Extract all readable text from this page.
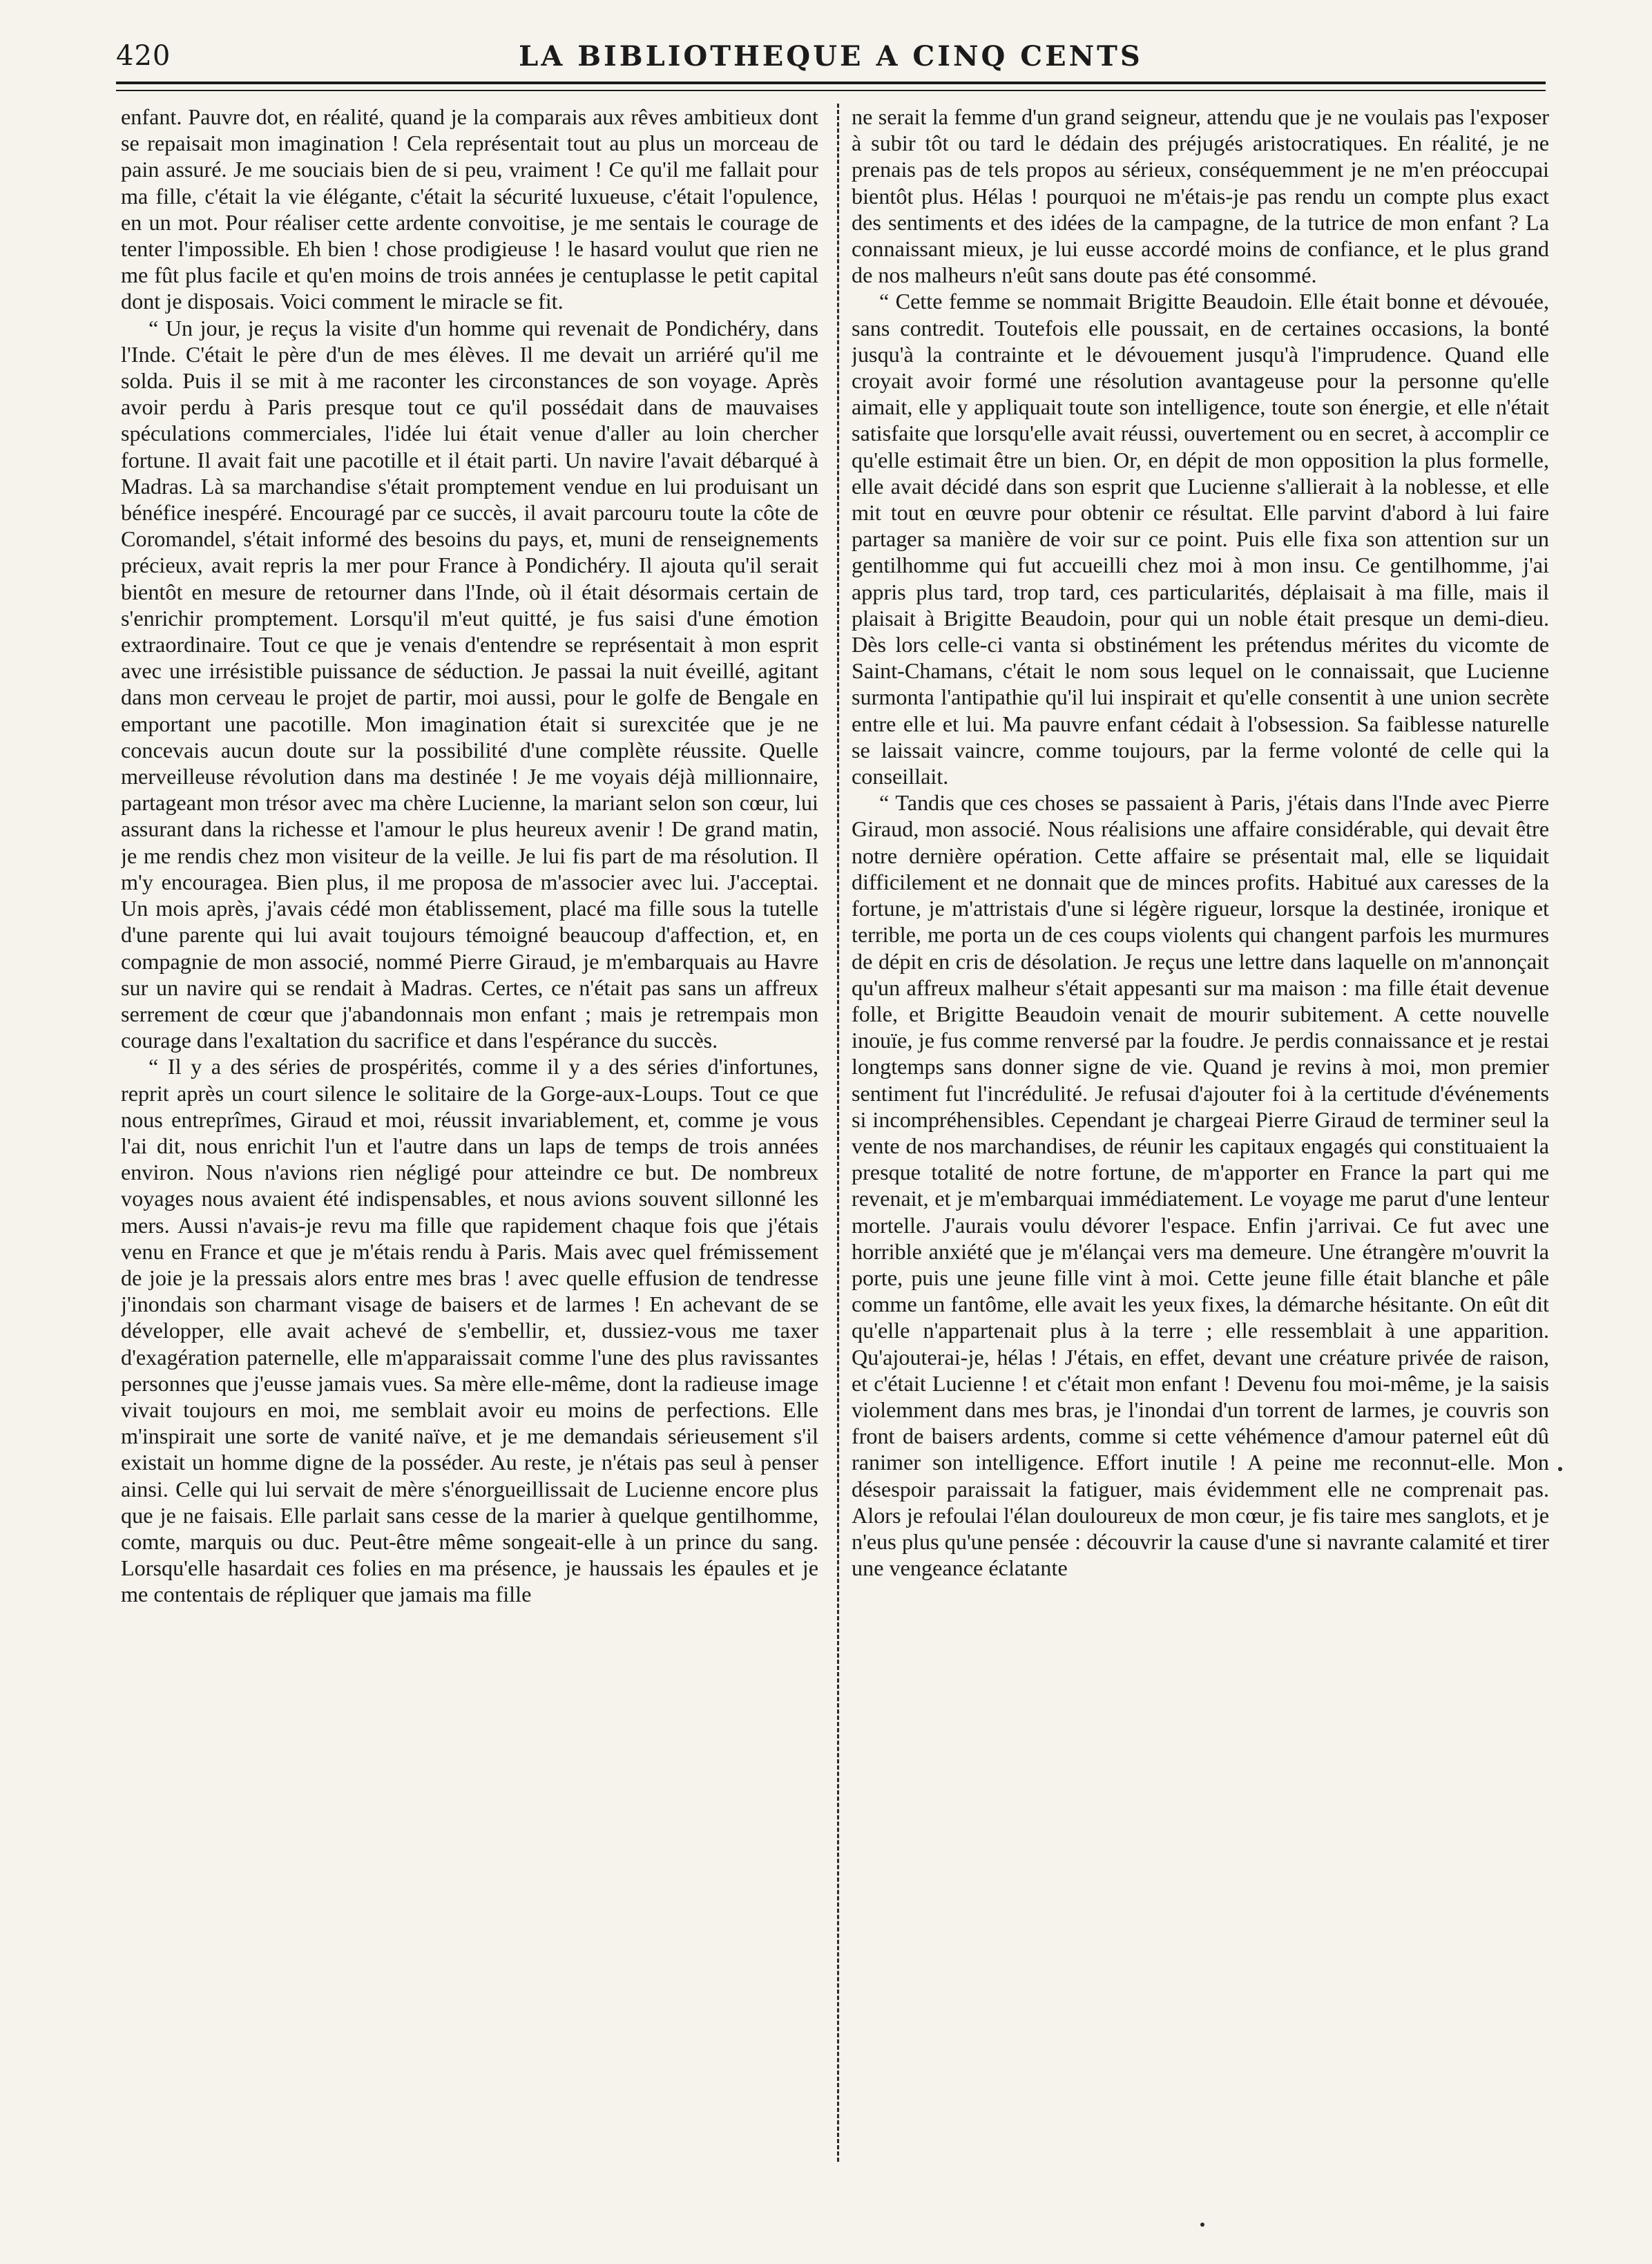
420	LA BIBLIOTHEQUE A CINQ CENTS

enfant. Pauvre dot, en réalité, quand je la comparais aux rêves ambitieux dont se repaisait mon imagination ! Cela représentait tout au plus un morceau de pain assuré. Je me souciais bien de si peu, vraiment ! Ce qu'il me fallait pour ma fille, c'était la vie élégante, c'était la sécurité luxueuse, c'était l'opulence, en un mot. Pour réaliser cette ardente convoitise, je me sentais le courage de tenter l'impossible. Eh bien ! chose prodigieuse ! le hasard voulut que rien ne me fût plus facile et qu'en moins de trois années je centuplasse le petit capital dont je disposais. Voici comment le miracle se fit.

“ Un jour, je reçus la visite d'un homme qui revenait de Pondichéry, dans l'Inde. C'était le père d'un de mes élèves. Il me devait un arriéré qu'il me solda. Puis il se mit à me raconter les circonstances de son voyage. Après avoir perdu à Paris presque tout ce qu'il possédait dans de mauvaises spéculations commerciales, l'idée lui était venue d'aller au loin chercher fortune. Il avait fait une pacotille et il était parti. Un navire l'avait débarqué à Madras. Là sa marchandise s'était promptement vendue en lui produisant un bénéfice inespéré. Encouragé par ce succès, il avait parcouru toute la côte de Coromandel, s'était informé des besoins du pays, et, muni de renseignements précieux, avait repris la mer pour France à Pondichéry. Il ajouta qu'il serait bientôt en mesure de retourner dans l'Inde, où il était désormais certain de s'enrichir promptement. Lorsqu'il m'eut quitté, je fus saisi d'une émotion extraordinaire. Tout ce que je venais d'entendre se représentait à mon esprit avec une irrésistible puissance de séduction. Je passai la nuit éveillé, agitant dans mon cerveau le projet de partir, moi aussi, pour le golfe de Bengale en emportant une pacotille. Mon imagination était si surexcitée que je ne concevais aucun doute sur la possibilité d'une complète réussite. Quelle merveilleuse révolution dans ma destinée ! Je me voyais déjà millionnaire, partageant mon trésor avec ma chère Lucienne, la mariant selon son cœur, lui assurant dans la richesse et l'amour le plus heureux avenir ! De grand matin, je me rendis chez mon visiteur de la veille. Je lui fis part de ma résolution. Il m'y encouragea. Bien plus, il me proposa de m'associer avec lui. J'acceptai. Un mois après, j'avais cédé mon établissement, placé ma fille sous la tutelle d'une parente qui lui avait toujours témoigné beaucoup d'affection, et, en compagnie de mon associé, nommé Pierre Giraud, je m'embarquais au Havre sur un navire qui se rendait à Madras. Certes, ce n'était pas sans un affreux serrement de cœur que j'abandonnais mon enfant ; mais je retrempais mon courage dans l'exaltation du sacrifice et dans l'espérance du succès.

“ Il y a des séries de prospérités, comme il y a des séries d'infortunes, reprit après un court silence le solitaire de la Gorge-aux-Loups. Tout ce que nous entreprîmes, Giraud et moi, réussit invariablement, et, comme je vous l'ai dit, nous enrichit l'un et l'autre dans un laps de temps de trois années environ. Nous n'avions rien négligé pour atteindre ce but. De nombreux voyages nous avaient été indispensables, et nous avions souvent sillonné les mers. Aussi n'avais-je revu ma fille que rapidement chaque fois que j'étais venu en France et que je m'étais rendu à Paris. Mais avec quel frémissement de joie je la pressais alors entre mes bras ! avec quelle effusion de tendresse j'inondais son charmant visage de baisers et de larmes ! En achevant de se développer, elle avait achevé de s'embellir, et, dussiez-vous me taxer d'exagération paternelle, elle m'apparaissait comme l'une des plus ravissantes personnes que j'eusse jamais vues. Sa mère elle-même, dont la radieuse image vivait toujours en moi, me semblait avoir eu moins de perfections. Elle m'inspirait une sorte de vanité naïve, et je me demandais sérieusement s'il existait un homme digne de la posséder. Au reste, je n'étais pas seul à penser ainsi. Celle qui lui servait de mère s'énorgueillissait de Lucienne encore plus que je ne faisais. Elle parlait sans cesse de la marier à quelque gentilhomme, comte, marquis ou duc. Peut-être même songeait-elle à un prince du sang. Lorsqu'elle hasardait ces folies en ma présence, je haussais les épaules et je me contentais de répliquer que jamais ma fille

ne serait la femme d'un grand seigneur, attendu que je ne voulais pas l'exposer à subir tôt ou tard le dédain des préjugés aristocratiques. En réalité, je ne prenais pas de tels propos au sérieux, conséquemment je ne m'en préoccupai bientôt plus. Hélas ! pourquoi ne m'étais-je pas rendu un compte plus exact des sentiments et des idées de la campagne, de la tutrice de mon enfant ? La connaissant mieux, je lui eusse accordé moins de confiance, et le plus grand de nos malheurs n'eût sans doute pas été consommé.

“ Cette femme se nommait Brigitte Beaudoin. Elle était bonne et dévouée, sans contredit. Toutefois elle poussait, en de certaines occasions, la bonté jusqu'à la contrainte et le dévouement jusqu'à l'imprudence. Quand elle croyait avoir formé une résolution avantageuse pour la personne qu'elle aimait, elle y appliquait toute son intelligence, toute son énergie, et elle n'était satisfaite que lorsqu'elle avait réussi, ouvertement ou en secret, à accomplir ce qu'elle estimait être un bien. Or, en dépit de mon opposition la plus formelle, elle avait décidé dans son esprit que Lucienne s'allierait à la noblesse, et elle mit tout en œuvre pour obtenir ce résultat. Elle parvint d'abord à lui faire partager sa manière de voir sur ce point. Puis elle fixa son attention sur un gentilhomme qui fut accueilli chez moi à mon insu. Ce gentilhomme, j'ai appris plus tard, trop tard, ces particularités, déplaisait à ma fille, mais il plaisait à Brigitte Beaudoin, pour qui un noble était presque un demi-dieu. Dès lors celle-ci vanta si obstinément les prétendus mérites du vicomte de Saint-Chamans, c'était le nom sous lequel on le connaissait, que Lucienne surmonta l'antipathie qu'il lui inspirait et qu'elle consentit à une union secrète entre elle et lui. Ma pauvre enfant cédait à l'obsession. Sa faiblesse naturelle se laissait vaincre, comme toujours, par la ferme volonté de celle qui la conseillait.

“ Tandis que ces choses se passaient à Paris, j'étais dans l'Inde avec Pierre Giraud, mon associé. Nous réalisions une affaire considérable, qui devait être notre dernière opération. Cette affaire se présentait mal, elle se liquidait difficilement et ne donnait que de minces profits. Habitué aux caresses de la fortune, je m'attristais d'une si légère rigueur, lorsque la destinée, ironique et terrible, me porta un de ces coups violents qui changent parfois les murmures de dépit en cris de désolation. Je reçus une lettre dans laquelle on m'annonçait qu'un affreux malheur s'était appesanti sur ma maison : ma fille était devenue folle, et Brigitte Beaudoin venait de mourir subitement. A cette nouvelle inouïe, je fus comme renversé par la foudre. Je perdis connaissance et je restai longtemps sans donner signe de vie. Quand je revins à moi, mon premier sentiment fut l'incrédulité. Je refusai d'ajouter foi à la certitude d'événements si incompréhensibles. Cependant je chargeai Pierre Giraud de terminer seul la vente de nos marchandises, de réunir les capitaux engagés qui constituaient la presque totalité de notre fortune, de m'apporter en France la part qui me revenait, et je m'embarquai immédiatement. Le voyage me parut d'une lenteur mortelle. J'aurais voulu dévorer l'espace. Enfin j'arrivai. Ce fut avec une horrible anxiété que je m'élançai vers ma demeure. Une étrangère m'ouvrit la porte, puis une jeune fille vint à moi. Cette jeune fille était blanche et pâle comme un fantôme, elle avait les yeux fixes, la démarche hésitante. On eût dit qu'elle n'appartenait plus à la terre ; elle ressemblait à une apparition. Qu'ajouterai-je, hélas ! J'étais, en effet, devant une créature privée de raison, et c'était Lucienne ! et c'était mon enfant ! Devenu fou moi-même, je la saisis violemment dans mes bras, je l'inondai d'un torrent de larmes, je couvris son front de baisers ardents, comme si cette véhémence d'amour paternel eût dû ranimer son intelligence. Effort inutile ! A peine me reconnut-elle. Mon désespoir paraissait la fatiguer, mais évidemment elle ne comprenait pas. Alors je refoulai l'élan douloureux de mon cœur, je fis taire mes sanglots, et je n'eus plus qu'une pensée : découvrir la cause d'une si navrante calamité et tirer une vengeance éclatante
